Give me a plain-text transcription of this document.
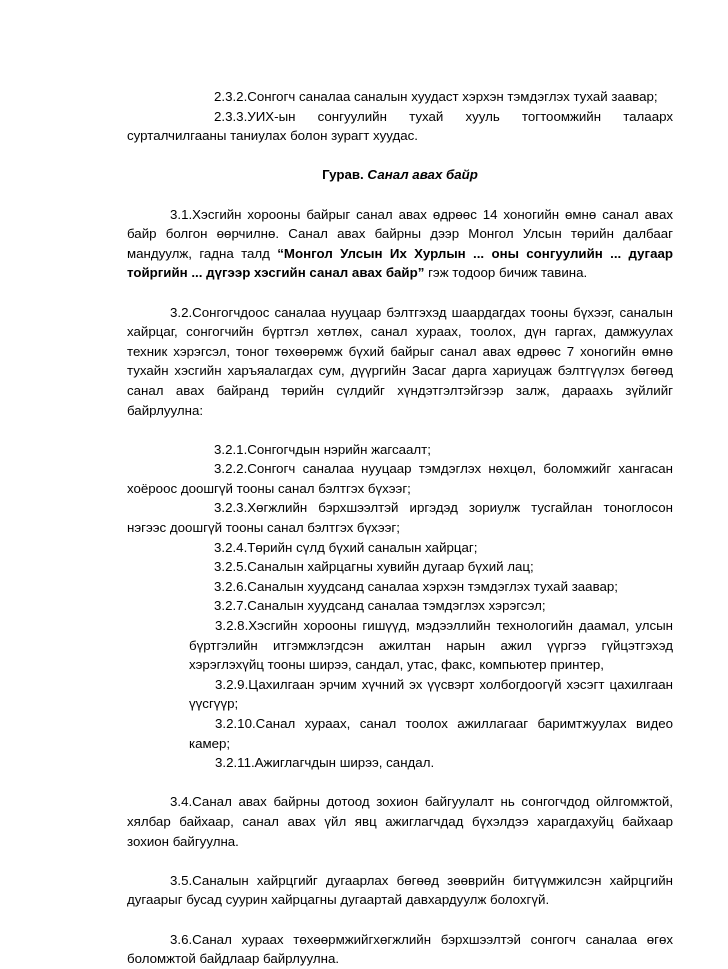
2.3.2.Сонгогч саналаа саналын хуудаст хэрхэн тэмдэглэх тухай заавар;

2.3.3.УИХ-ын сонгуулийн тухай хууль тогтоомжийн талаарх сурталчилгааны таниулах болон зурагт хуудас.

Гурав. Санал авах байр

3.1.Хэсгийн хорооны байрыг санал авах өдрөөс 14 хоногийн өмнө санал авах байр болгон өөрчилнө. Санал авах байрны дээр Монгол Улсын төрийн далбааг мандуулж, гадна талд “Монгол Улсын Их Хурлын ... оны сонгуулийн ... дугаар тойргийн ... дүгээр хэсгийн санал авах байр” гэж тодоор бичиж тавина.

3.2.Сонгогчдоос саналаа нууцаар бэлтгэхэд шаардагдах тооны бүхээг, саналын хайрцаг, сонгогчийн бүртгэл хөтлөх, санал хураах, тоолох, дүн гаргах, дамжуулах техник хэрэгсэл, тоног төхөөрөмж бүхий байрыг санал авах өдрөөс 7 хоногийн өмнө тухайн хэсгийн харъяалагдах сум, дүүргийн Засаг дарга хариуцаж бэлтгүүлэх бөгөөд санал авах байранд төрийн сүлдийг хүндэтгэлтэйгээр залж, дараахь зүйлийг байрлуулна:

3.2.1.Сонгогчдын нэрийн жагсаалт;

3.2.2.Сонгогч саналаа нууцаар тэмдэглэх нөхцөл, боломжийг хангасан хоёроос доошгүй тооны санал бэлтгэх бүхээг;

3.2.3.Хөгжлийн бэрхшээлтэй иргэдэд зориулж тусгайлан тоноглосон нэгээс доошгүй тооны санал бэлтгэх бүхээг;

3.2.4.Төрийн сүлд бүхий саналын хайрцаг;

3.2.5.Саналын хайрцагны хувийн дугаар бүхий лац;

3.2.6.Саналын хуудсанд саналаа хэрхэн тэмдэглэх тухай заавар;

3.2.7.Саналын хуудсанд саналаа тэмдэглэх хэрэгсэл;

3.2.8.Хэсгийн хорооны гишүүд, мэдээллийн технологийн даамал, улсын бүртгэлийн итгэмжлэгдсэн ажилтан нарын ажил үүргээ гүйцэтгэхэд хэрэглэхүйц тооны ширээ, сандал, утас, факс, компьютер принтер,

3.2.9.Цахилгаан эрчим хүчний эх үүсвэрт холбогдоогүй хэсэгт цахилгаан үүсгүүр;

3.2.10.Санал хураах, санал тоолох ажиллагааг баримтжуулах видео камер;

3.2.11.Ажиглагчдын ширээ, сандал.

3.4.Санал авах байрны дотоод зохион байгуулалт нь сонгогчдод ойлгомжтой, хялбар байхаар, санал авах үйл явц ажиглагчдад бүхэлдээ харагдахуйц байхаар зохион байгуулна.

3.5.Саналын хайрцгийг дугаарлах бөгөөд зөөврийн битүүмжилсэн хайрцгийн дугаарыг бусад суурин хайрцагны дугаартай давхардуулж болохгүй.

3.6.Санал хураах төхөөрмжийгхөгжлийн бэрхшээлтэй сонгогч саналаа өгөх боломжтой байдлаар байрлуулна.
